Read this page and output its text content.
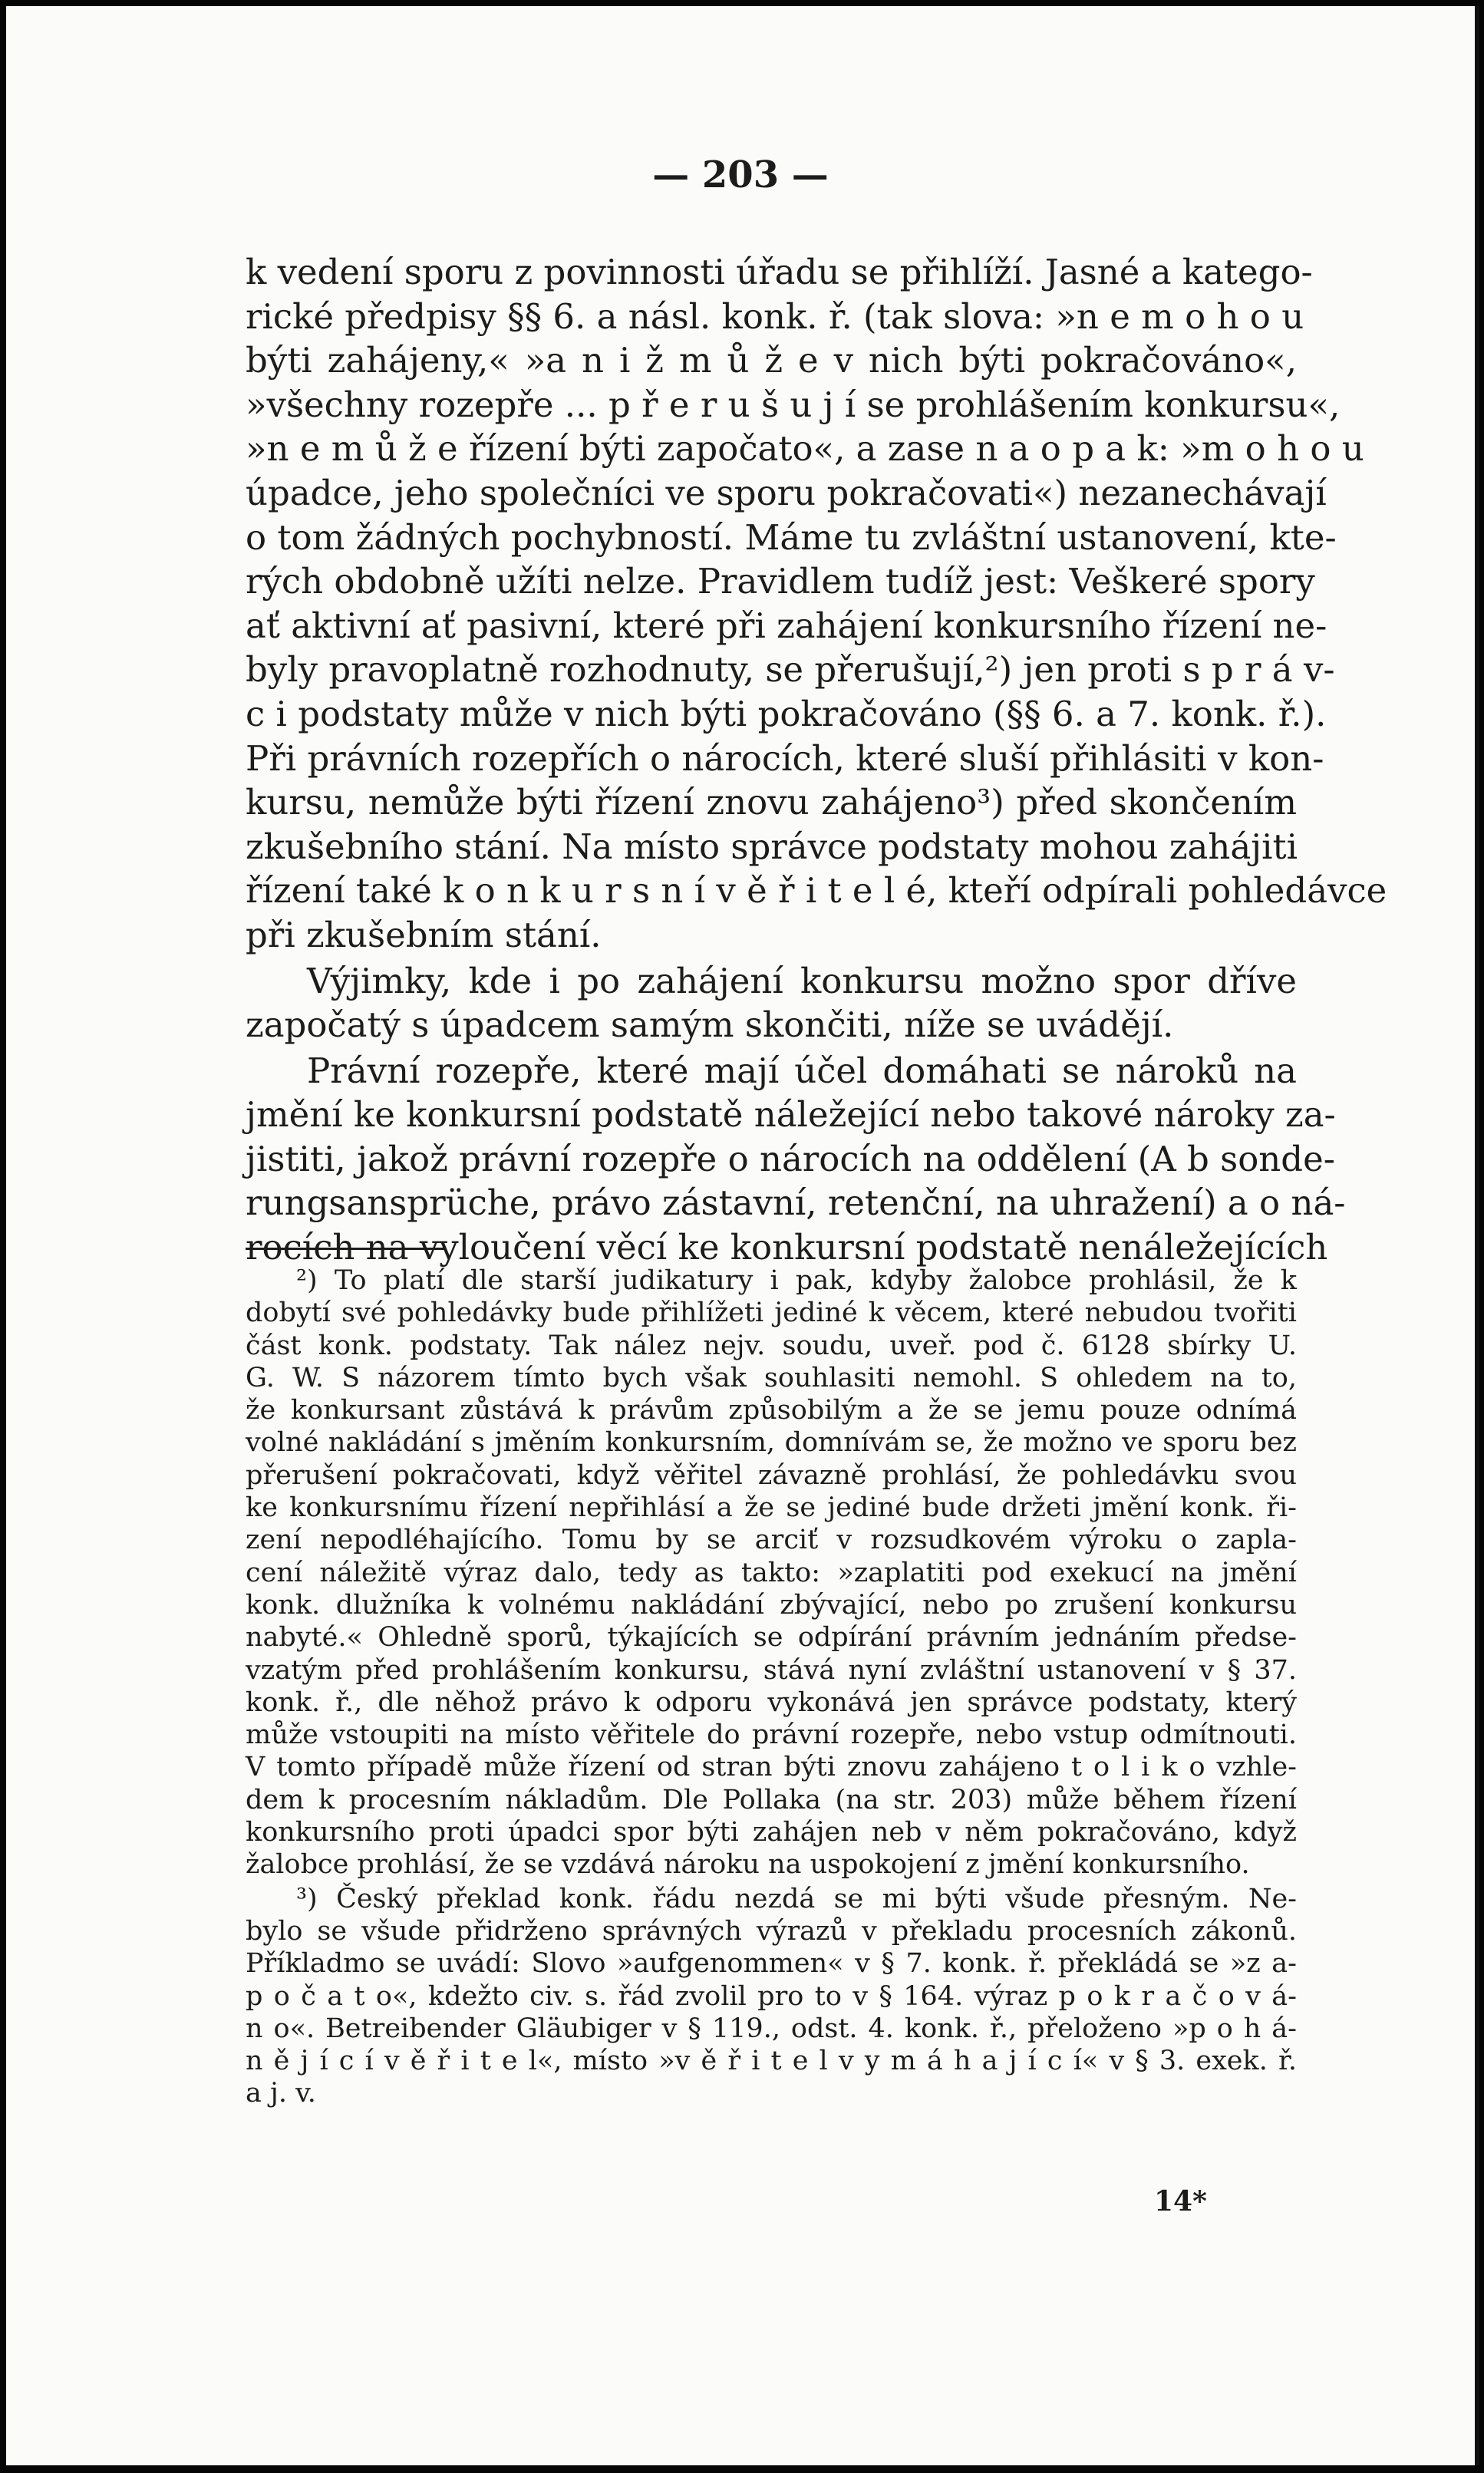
— 203 —
k vedení sporu z povinnosti úřadu se přihlíží. Jasné a katego-
rické předpisy §§ 6. a násl. konk. ř. (tak slova: »n e m o h o u
býti zahájeny,« »a n i ž m ů ž e v nich býti pokračováno«,
»všechny rozepře ... p ř e r u š u j í se prohlášením konkursu«,
»n e m ů ž e řízení býti započato«, a zase n a o p a k: »m o h o u
úpadce, jeho společníci ve sporu pokračovati«) nezanechávají
o tom žádných pochybností. Máme tu zvláštní ustanovení, kte-
rých obdobně užíti nelze. Pravidlem tudíž jest: Veškeré spory
ať aktivní ať pasivní, které při zahájení konkursního řízení ne-
byly pravoplatně rozhodnuty, se přerušují,²) jen proti s p r á v-
c i podstaty může v nich býti pokračováno (§§ 6. a 7. konk. ř.).
Při právních rozepřích o nárocích, které sluší přihlásiti v kon-
kursu, nemůže býti řízení znovu zahájeno³) před skončením
zkušebního stání. Na místo správce podstaty mohou zahájiti
řízení také k o n k u r s n í v ě ř i t e l é, kteří odpírali pohledávce
při zkušebním stání.
Výjimky, kde i po zahájení konkursu možno spor dříve
započatý s úpadcem samým skončiti, níže se uvádějí.
Právní rozepře, které mají účel domáhati se nároků na
jmění ke konkursní podstatě náležející nebo takové nároky za-
jistiti, jakož právní rozepře o nárocích na oddělení (A b sonde-
rungsansprüche, právo zástavní, retenční, na uhražení) a o ná-
rocích na vyloučení věcí ke konkursní podstatě nenáležejících
²) To platí dle starší judikatury i pak, kdyby žalobce prohlásil, že k
dobytí své pohledávky bude přihlížeti jediné k věcem, které nebudou tvořiti
část konk. podstaty. Tak nález nejv. soudu, uveř. pod č. 6128 sbírky U.
G. W. S názorem tímto bych však souhlasiti nemohl. S ohledem na to,
že konkursant zůstává k právům způsobilým a že se jemu pouze odnímá
volné nakládání s jměním konkursním, domnívám se, že možno ve sporu bez
přerušení pokračovati, když věřitel závazně prohlásí, že pohledávku svou
ke konkursnímu řízení nepřihlásí a že se jediné bude držeti jmění konk. ři-
zení nepodléhajícího. Tomu by se arciť v rozsudkovém výroku o zapla-
cení náležitě výraz dalo, tedy as takto: »zaplatiti pod exekucí na jmění
konk. dlužníka k volnému nakládání zbývající, nebo po zrušení konkursu
nabyté.« Ohledně sporů, týkajících se odpírání právním jednáním předse-
vzatým před prohlášením konkursu, stává nyní zvláštní ustanovení v § 37.
konk. ř., dle něhož právo k odporu vykonává jen správce podstaty, který
může vstoupiti na místo věřitele do právní rozepře, nebo vstup odmítnouti.
V tomto případě může řízení od stran býti znovu zahájeno t o l i k o vzhle-
dem k procesním nákladům. Dle Pollaka (na str. 203) může během řízení
konkursního proti úpadci spor býti zahájen neb v něm pokračováno, když
žalobce prohlásí, že se vzdává nároku na uspokojení z jmění konkursního.
³) Český překlad konk. řádu nezdá se mi býti všude přesným. Ne-
bylo se všude přidrženo správných výrazů v překladu procesních zákonů.
Příkladmo se uvádí: Slovo »aufgenommen« v § 7. konk. ř. překládá se »z a-
p o č a t o«, kdežto civ. s. řád zvolil pro to v § 164. výraz p o k r a č o v á-
n o«. Betreibender Gläubiger v § 119., odst. 4. konk. ř., přeloženo »p o h á-
n ě j í c í v ě ř i t e l«, místo »v ě ř i t e l v y m á h a j í c í« v § 3. exek. ř.
a j. v.
14*
